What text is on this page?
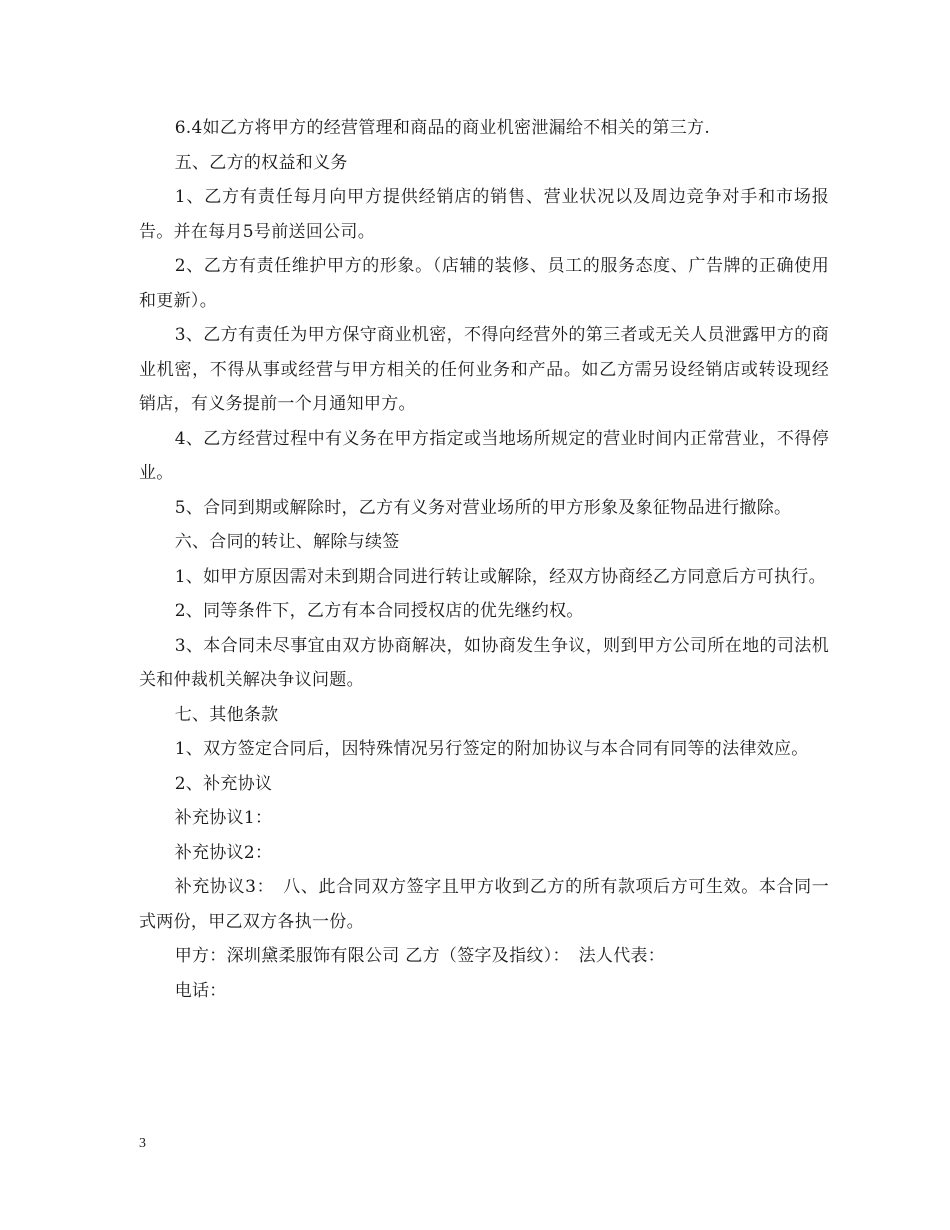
6.4如乙方将甲方的经营管理和商品的商业机密泄漏给不相关的第三方.

五、乙方的权益和义务

1、乙方有责任每月向甲方提供经销店的销售、营业状况以及周边竞争对手和市场报告。并在每月5号前送回公司。

2、乙方有责任维护甲方的形象。（店辅的装修、员工的服务态度、广告牌的正确使用和更新）。

3、乙方有责任为甲方保守商业机密，不得向经营外的第三者或无关人员泄露甲方的商业机密，不得从事或经营与甲方相关的任何业务和产品。如乙方需另设经销店或转设现经销店，有义务提前一个月通知甲方。

4、乙方经营过程中有义务在甲方指定或当地场所规定的营业时间内正常营业，不得停业。

5、合同到期或解除时，乙方有义务对营业场所的甲方形象及象征物品进行撤除。

六、合同的转让、解除与续签

1、如甲方原因需对未到期合同进行转让或解除，经双方协商经乙方同意后方可执行。

2、同等条件下，乙方有本合同授权店的优先继约权。

3、本合同未尽事宜由双方协商解决，如协商发生争议，则到甲方公司所在地的司法机关和仲裁机关解决争议问题。

七、其他条款

1、双方签定合同后，因特殊情况另行签定的附加协议与本合同有同等的法律效应。

2、补充协议

补充协议1：

补充协议2：

补充协议3：　八、此合同双方签字且甲方收到乙方的所有款项后方可生效。本合同一式两份，甲乙双方各执一份。

甲方：深圳黛柔服饰有限公司 乙方（签字及指纹）：　法人代表：

电话：

3
